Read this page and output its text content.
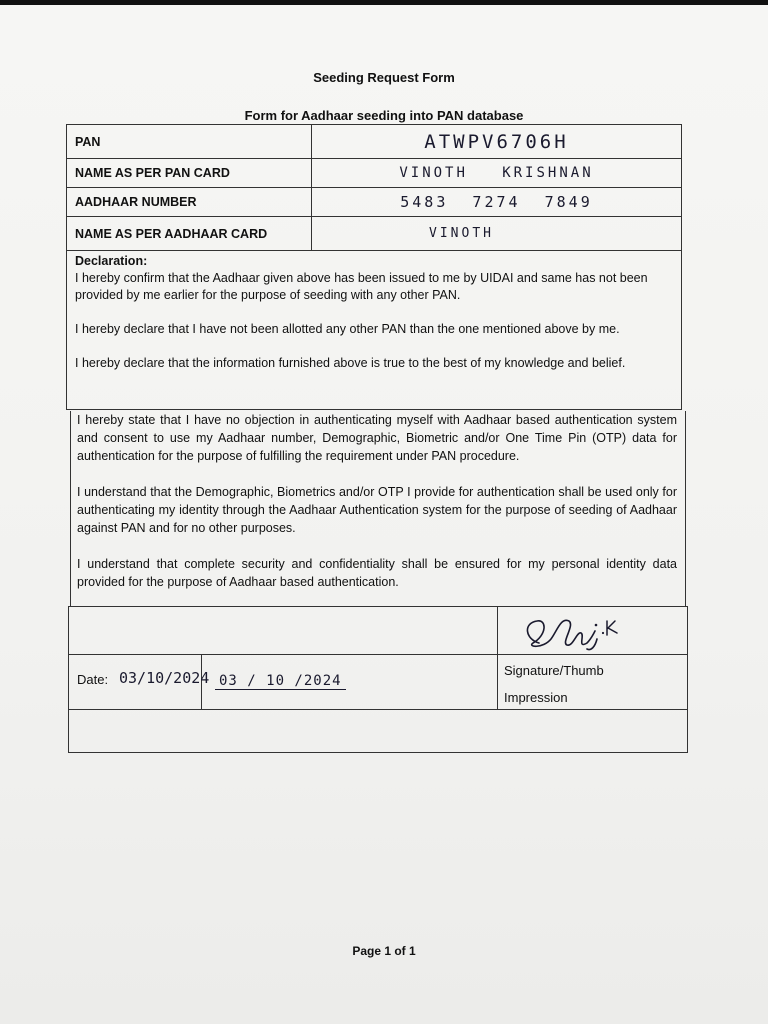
Seeding Request Form
Form for Aadhaar seeding into PAN database
PAN	ATWPV6706H
NAME AS PER PAN CARD	VINOTH   KRISHNAN
AADHAAR NUMBER	5483  7274  7849
NAME AS PER AADHAAR CARD	VINOTH
Declaration:

I hereby confirm that the Aadhaar given above has been issued to me by UIDAI and same has not been provided by me earlier for the purpose of seeding with any other PAN.

I hereby declare that I have not been allotted any other PAN than the one mentioned above by me.

I hereby declare that the information furnished above is true to the best of my knowledge and belief.

I hereby state that I have no objection in authenticating myself with Aadhaar based authentication system and consent to use my Aadhaar number, Demographic, Biometric and/or One Time Pin (OTP) data for authentication for the purpose of fulfilling the requirement under PAN procedure.

I understand that the Demographic, Biometrics and/or OTP I provide for authentication shall be used only for authenticating my identity through the Aadhaar Authentication system for the purpose of seeding of Aadhaar against PAN and for no other purposes.

I understand that complete security and confidentiality shall be ensured for my personal identity data provided for the purpose of Aadhaar based authentication.

Signature/Thumb
Impression
Date: 03/10/2024 03 / 10 /2024
Page 1 of 1
